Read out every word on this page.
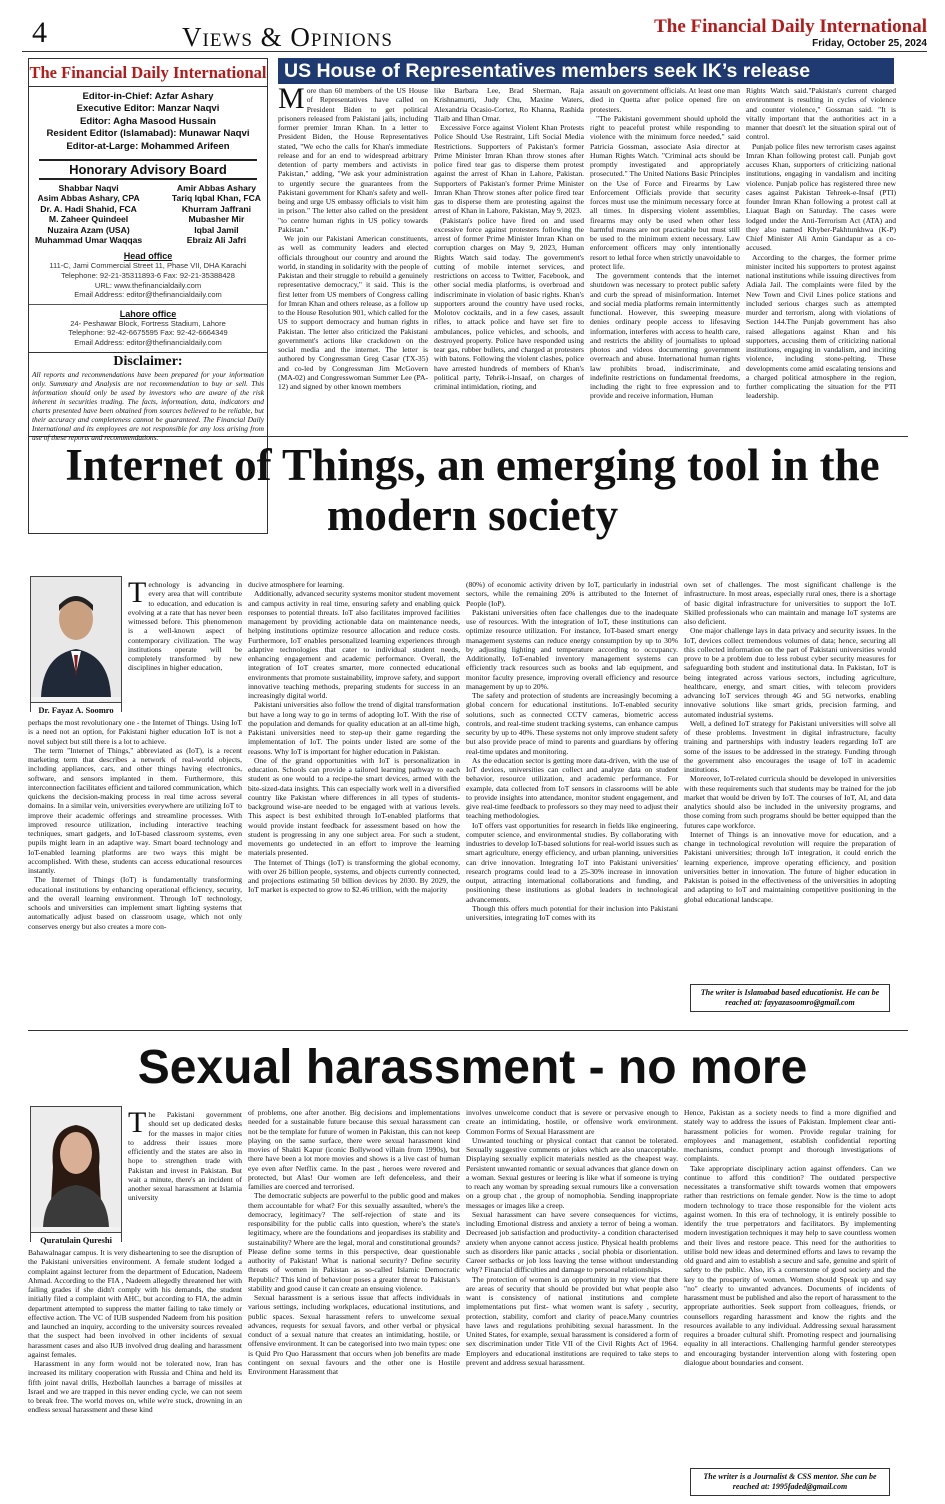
4	Views & Opinions	The Financial Daily International
Friday, October 25, 2024
The Financial Daily International
Editor-in-Chief: Azfar Ashary
Executive Editor: Manzar Naqvi
Editor: Agha Masood Hussain
Resident Editor (Islamabad): Munawar Naqvi
Editor-at-Large: Mohammed Arifeen
Honorary Advisory Board
Shabbar Naqvi
Asim Abbas Ashary, CPA
Dr. A. Hadi Shahid, FCA
M. Zaheer Quindeel
Nuzaira Azam (USA)
Muhammad Umar Waqqas
Amir Abbas Ashary
Tariq Iqbal Khan, FCA
Khurram Jaffrani
Mubasher Mir
Iqbal Jamil
Ebraiz Ali Jafri
Head office
111-C, Jami Commercial Street 11, Phase VII, DHA Karachi
Telephone: 92-21-35311893-6 Fax: 92-21-35388428
URL: www.thefinancialdaily.com
Email Address: editor@thefinancialdaily.com
Lahore office
24- Peshawar Block, Fortress Stadium, Lahore
Telephone: 92-42-6675595 Fax: 92-42-6664349
Email Address: editor@thefinancialdaily.com
Disclaimer:
All reports and recommendations have been prepared for your information only. Summary and Analysis are not recommendation to buy or sell. This information should only be used by investors who are aware of the risk inherent in securities trading. The facts, information, data, indicators and charts presented have been obtained from sources believed to be reliable, but their accuracy and completeness cannot be guaranteed. The Financial Daily International and its employees are not responsible for any loss arising from use of these reports and recommendations.
US House of Representatives members seek IK’s release

More than 60 members of the US House of Representatives have called on President Biden to get political prisoners released from Pakistani jails, including former premier Imran Khan. In a letter to President Biden, the House Representatives stated, "We echo the calls for Khan's immediate release and for an end to widespread arbitrary detention of party members and activists in Pakistan," adding, "We ask your administration to urgently secure the guarantees from the Pakistani government for Khan's safety and well-being and urge US embassy officials to visit him in prison." The letter also called on the president "to centre human rights in US policy towards Pakistan."

We join our Pakistani American constituents, as well as community leaders and elected officials throughout our country and around the world, in standing in solidarity with the people of Pakistan and their struggle to rebuild a genuinely representative democracy," it said. This is the first letter from US members of Congress calling for Imran Khan and others release, as a follow up to the House Resolution 901, which called for the US to support democracy and human rights in Pakistan. The letter also criticized the Pakistani government's actions like crackdown on the social media and the internet. The letter is authored by Congressman Greg Casar (TX-35) and co-led by Congressman Jim McGovern (MA-02) and Congresswoman Summer Lee (PA-12) and signed by other known members

like Barbara Lee, Brad Sherman, Raja Krishnamurti, Judy Chu, Maxine Waters, Alexandria Ocasio-Cortez, Ro Khanna, Rashida Tlaib and Ilhan Omar.

Excessive Force against Violent Khan Protests Police Should Use Restraint, Lift Social Media Restrictions. Supporters of Pakistan's former Prime Minister Imran Khan throw stones after police fired tear gas to disperse them protest against the arrest of Khan in Lahore, Pakistan. Supporters of Pakistan's former Prime Minister Imran Khan Throw stones after police fired tear gas to disperse them are protesting against the arrest of Khan in Lahore, Pakistan, May 9, 2023.

(Pakistan's police have fired on and used excessive force against protesters following the arrest of former Prime Minister Imran Khan on corruption charges on May 9, 2023, Human Rights Watch said today. The government's cutting of mobile internet services, and restrictions on access to Twitter, Facebook, and other social media platforms, is overbroad and indiscriminate in violation of basic rights. Khan's supporters around the country have used rocks, Molotov cocktails, and in a few cases, assault rifles, to attack police and have set fire to ambulances, police vehicles, and schools, and destroyed property. Police have responded using tear gas, rubber bullets, and charged at protesters with batons. Following the violent clashes, police have arrested hundreds of members of Khan's political party, Tehrik-i-Insaaf, on charges of criminal intimidation, rioting, and

assault on government officials. At least one man died in Quetta after police opened fire on protesters.

"The Pakistani government should uphold the right to peaceful protest while responding to violence with the minimum force needed," said Patricia Gossman, associate Asia director at Human Rights Watch. "Criminal acts should be promptly investigated and appropriately prosecuted." The United Nations Basic Principles on the Use of Force and Firearms by Law Enforcement Officials provide that security forces must use the minimum necessary force at all times. In dispersing violent assemblies, firearms may only be used when other less harmful means are not practicable but must still be used to the minimum extent necessary. Law enforcement officers may only intentionally resort to lethal force when strictly unavoidable to protect life.

The government contends that the internet shutdown was necessary to protect public safety and curb the spread of misinformation. Internet and social media platforms remain intermittently functional. However, this sweeping measure denies ordinary people access to lifesaving information, interferes with access to health care, and restricts the ability of journalists to upload photos and videos documenting government overreach and abuse. International human rights law prohibits broad, indiscriminate, and indefinite restrictions on fundamental freedoms, including the right to free expression and to provide and receive information, Human

Rights Watch said."Pakistan's current charged environment is resulting in cycles of violence and counter violence," Gossman said. "It is vitally important that the authorities act in a manner that doesn't let the situation spiral out of control.

Punjab police files new terrorism cases against Imran Khan following protest call. Punjab govt accuses Khan, supporters of criticizing national institutions, engaging in vandalism and inciting violence. Punjab police has registered three new cases against Pakistan Tehreek-e-Insaf (PTI) founder Imran Khan following a protest call at Liaquat Bagh on Saturday. The cases were lodged under the Anti-Terrorism Act (ATA) and they also named Khyber-Pakhtunkhwa (K-P) Chief Minister Ali Amin Gandapur as a co-accused.

According to the charges, the former prime minister incited his supporters to protest against national institutions while issuing directives from Adiala Jail. The complaints were filed by the New Town and Civil Lines police stations and included serious charges such as attempted murder and terrorism, along with violations of Section 144.The Punjab government has also raised allegations against Khan and his supporters, accusing them of criticizing national institutions, engaging in vandalism, and inciting violence, including stone-pelting. These developments come amid escalating tensions and a charged political atmosphere in the region, further complicating the situation for the PTI leadership.

Internet of Things, an emerging tool in the modern society
Dr. Fayaz A. Soomro

Technology is advancing in every area that will contribute to education, and education is evolving at a rate that has never been witnessed before. This phenomenon is a well-known aspect of contemporary civilization. The way institutions operate will be completely transformed by new disciplines in higher education,

perhaps the most revolutionary one - the Internet of Things. Using IoT is a need not an option, for Pakistani higher education IoT is not a novel subject but still there is a lot to achieve.

The term "Internet of Things," abbreviated as (IoT), is a recent marketing term that describes a network of real-world objects, including appliances, cars, and other things having electronics, software, and sensors implanted in them. Furthermore, this interconnection facilitates efficient and tailored communication, which quickens the decision-making process in real time across several domains. In a similar vein, universities everywhere are utilizing IoT to improve their academic offerings and streamline processes. With improved resource utilization, including interactive teaching techniques, smart gadgets, and IoT-based classroom systems, even pupils might learn in an adaptive way. Smart board technology and IoT-enabled learning platforms are two ways this might be accomplished. With these, students can access educational resources instantly.

The Internet of Things (IoT) is fundamentally transforming educational institutions by enhancing operational efficiency, security, and the overall learning environment. Through IoT technology, schools and universities can implement smart lighting systems that automatically adjust based on classroom usage, which not only conserves energy but also creates a more con-

ducive atmosphere for learning.

Additionally, advanced security systems monitor student movement and campus activity in real time, ensuring safety and enabling quick responses to potential threats. IoT also facilitates improved facilities management by providing actionable data on maintenance needs, helping institutions optimize resource allocation and reduce costs. Furthermore, IoT enables personalized learning experiences through adaptive technologies that cater to individual student needs, enhancing engagement and academic performance. Overall, the integration of IoT creates smarter, more connected educational environments that promote sustainability, improve safety, and support innovative teaching methods, preparing students for success in an increasingly digital world.

Pakistani universities also follow the trend of digital transformation but have a long way to go in terms of adopting IoT. With the rise of the population and demands for quality education at an all-time high, Pakistani universities need to step-up their game regarding the implementation of IoT. The points under listed are some of the reasons. Why IoT is important for higher education in Pakistan.

One of the grand opportunities with IoT is personalization in education. Schools can provide a tailored learning pathway to each student as one would to a recipe-the smart devices, armed with the bite-sized-data insights. This can especially work well in a diversified country like Pakistan where differences in all types of students-background wise-are needed to be engaged with at various levels. This aspect is best exhibited through IoT-enabled platforms that would provide instant feedback for assessment based on how the student is progressing in any one subject area. For such a student, movements go undetected in an effort to improve the learning materials presented.

The Internet of Things (IoT) is transforming the global economy, with over 26 billion people, systems, and objects currently connected, and projections estimating 50 billion devices by 2030. By 2029, the IoT market is expected to grow to $2.46 trillion, with the majority

(80%) of economic activity driven by IoT, particularly in industrial sectors, while the remaining 20% is attributed to the Internet of People (IoP).

Pakistani universities often face challenges due to the inadequate use of resources. With the integration of IoT, these institutions can optimize resource utilization. For instance, IoT-based smart energy management systems can reduce energy consumption by up to 30% by adjusting lighting and temperature according to occupancy. Additionally, IoT-enabled inventory management systems can efficiently track resources such as books and lab equipment, and monitor faculty presence, improving overall efficiency and resource management by up to 20%.

The safety and protection of students are increasingly becoming a global concern for educational institutions. IoT-enabled security solutions, such as connected CCTV cameras, biometric access controls, and real-time student tracking systems, can enhance campus security by up to 40%. These systems not only improve student safety but also provide peace of mind to parents and guardians by offering real-time updates and monitoring.

As the education sector is getting more data-driven, with the use of IoT devices, universities can collect and analyze data on student behavior, resource utilization, and academic performance. For example, data collected from IoT sensors in classrooms will be able to provide insights into attendance, monitor student engagement, and give real-time feedback to professors so they may need to adjust their teaching methodologies.

IoT offers vast opportunities for research in fields like engineering, computer science, and environmental studies. By collaborating with industries to develop IoT-based solutions for real-world issues such as smart agriculture, energy efficiency, and urban planning, universities can drive innovation. Integrating IoT into Pakistani universities' research programs could lead to a 25-30% increase in innovation output, attracting international collaborations and funding, and positioning these institutions as global leaders in technological advancements.

Though this offers much potential for their inclusion into Pakistani universities, integrating IoT comes with its

own set of challenges. The most significant challenge is the infrastructure. In most areas, especially rural ones, there is a shortage of basic digital infrastructure for universities to support the IoT. Skilled professionals who can maintain and manage IoT systems are also deficient.

One major challenge lays in data privacy and security issues. In the IoT, devices collect tremendous volumes of data; hence, securing all this collected information on the part of Pakistani universities would prove to be a problem due to less robust cyber security measures for safeguarding both student and institutional data. In Pakistan, IoT is being integrated across various sectors, including agriculture, healthcare, energy, and smart cities, with telecom providers advancing IoT services through 4G and 5G networks, enabling innovative solutions like smart grids, precision farming, and automated industrial systems.

Well, a defined IoT strategy for Pakistani universities will solve all of these problems. Investment in digital infrastructure, faculty training and partnerships with industry leaders regarding IoT are some of the issues to be addressed in the strategy. Funding through the government also encourages the usage of IoT in academic institutions.

Moreover, IoT-related curricula should be developed in universities with these requirements such that students may be trained for the job market that would be driven by IoT. The courses of IoT, AI, and data analytics should also be included in the university programs, and those coming from such programs should be better equipped than the futures cape workforce.

Internet of Things is an innovative move for education, and a change in technological revolution will require the preparation of Pakistani universities; through IoT integration, it could enrich the learning experience, improve operating efficiency, and position universities better in innovation. The future of higher education in Pakistan is poised in the effectiveness of the universities in adopting and adapting to IoT and maintaining competitive positioning in the global educational landscape.

The writer is Islamabad based educationist. He can be reached at: fayyazasoomro@gmail.com
Sexual harassment - no more
Quratulain Qureshi

The Pakistani government should set up dedicated desks for the masses in major cities to address their issues more efficiently and the states are also in hope to strengthen trade with Pakistan and invest in Pakistan. But wait a minute, there's an incident of another sexual harassment at Islamia university

Bahawalnagar campus. It is very disheartening to see the disruption of the Pakistani universities environment. A female student lodged a complaint against lecturer from the department of Education, Nadeem Ahmad. According to the FIA , Nadeem allegedly threatened her with failing grades if she didn't comply with his demands, the student initially filed a complaint with AHC, but according to FIA, the admin department attempted to suppress the matter failing to take timely or effective action. The VC of IUB suspended Nadeem from his position and launched an inquiry, according to the university sources revealed that the suspect had been involved in other incidents of sexual harassment cases and also IUB involved drug dealing and harassment against females.

Harassment in any form would not be tolerated now, Iran has increased its military cooperation with Russia and China and held its fifth joint naval drills, Hezbollah launches a barrage of missiles at Israel and we are trapped in this never ending cycle, we can not seem to break free. The world moves on, while we're stuck, drowning in an endless sexual harassment and these kind

of problems, one after another. Big decisions and implementations needed for a sustainable future because this sexual harassment can not be the template for future of women in Pakistan, this can not keep playing on the same surface, there were sexual harassment kind movies of Shakti Kapur (iconic Bollywood villain from 1990s), but there have been a lot more movies and shows is a live cast of human eye even after Netflix came. In the past , heroes were revered and protected, but Alas! Our women are left defenceless, and their families are coerced and terrorised.

The democratic subjects are powerful to the public good and makes them accountable for what? For this sexually assaulted, where's the democracy, legitimacy? The self-rejection of state and its responsibility for the public calls into question, where's the state's legitimacy, where are the foundations and jeopardises its stability and sustainability? Where are the legal, moral and constitutional grounds? Please define some terms in this perspective, dear questionable authority of Pakistan! What is national security? Define security threats of women in Pakistan as so-called Islamic Democratic Republic? This kind of behaviour poses a greater threat to Pakistan's stability and good cause it can create an ensuing violence.

Sexual harassment is a serious issue that affects individuals in various settings, including workplaces, educational institutions, and public spaces. Sexual harassment refers to unwelcome sexual advances, requests for sexual favors, and other verbal or physical conduct of a sexual nature that creates an intimidating, hostile, or offensive environment. It can be categorised into two main types: one is Quid Pro Quo Harassment that occurs when job benefits are made contingent on sexual favours and the other one is Hostile Environment Harassment that

involves unwelcome conduct that is severe or pervasive enough to create an intimidating, hostile, or offensive work environment. Common Forms of Sexual Harassment are

Unwanted touching or physical contact that cannot be tolerated. Sexually suggestive comments or jokes which are also unacceptable. Displaying sexually explicit materials nestled as the cheapest way. Persistent unwanted romantic or sexual advances that glance down on a woman. Sexual gestures or leering is like what if someone is trying to reach any woman by spreading sexual rumours like a conversation on a group chat , the group of nomophobia. Sending inappropriate messages or images like a creep.

Sexual harassment can have severe consequences for victims, including Emotional distress and anxiety a terror of being a woman. Decreased job satisfaction and productivity- a condition characterised anxiety when anyone cannot access justice. Physical health problems such as disorders like panic attacks , social phobia or disorientation. Career setbacks or job loss leaving the tense without understanding why? Financial difficulties and damage to personal relationships.

The protection of women is an opportunity in my view that there are areas of security that should be provided but what people also want is consistency of national institutions and complete implementations put first- what women want is safety , security, protection, stability, comfort and clarity of peace.Many countries have laws and regulations prohibiting sexual harassment. In the United States, for example, sexual harassment is considered a form of sex discrimination under Title VII of the Civil Rights Act of 1964. Employers and educational institutions are required to take steps to prevent and address sexual harassment.

Hence, Pakistan as a society needs to find a more dignified and stately way to address the issues of Pakistan. Implement clear anti-harassment policies for women. Provide regular training for employees and management, establish confidential reporting mechanisms, conduct prompt and thorough investigations of complaints.

Take appropriate disciplinary action against offenders. Can we continue to afford this condition? The outdated perspective necessitates a transformative shift towards women that empowers rather than restrictions on female gender. Now is the time to adopt modern technology to trace those responsible for the violent acts against women. In this era of technology, it is entirely possible to identify the true perpetrators and facilitators. By implementing modern investigation techniques it may help to save countless women and their lives and restore peace. This need for the authorities to utilise bold new ideas and determined efforts and laws to revamp the old guard and aim to establish a secure and safe, genuine and spirit of safety to the public. Also, it's a cornerstone of good society and the key to the prosperity of women. Women should Speak up and say "no" clearly to unwanted advances. Documents of incidents of harassment must be published and also the report of harassment to the appropriate authorities. Seek support from colleagues, friends, or counsellors regarding harassment and know the rights and the resources available to any individual. Addressing sexual harassment requires a broader cultural shift. Promoting respect and journalising equality in all interactions. Challenging harmful gender stereotypes and encouraging bystander intervention along with fostering open dialogue about boundaries and consent.

The writer is a Journalist & CSS mentor. She can be reached at: 1995faded@gmail.com
